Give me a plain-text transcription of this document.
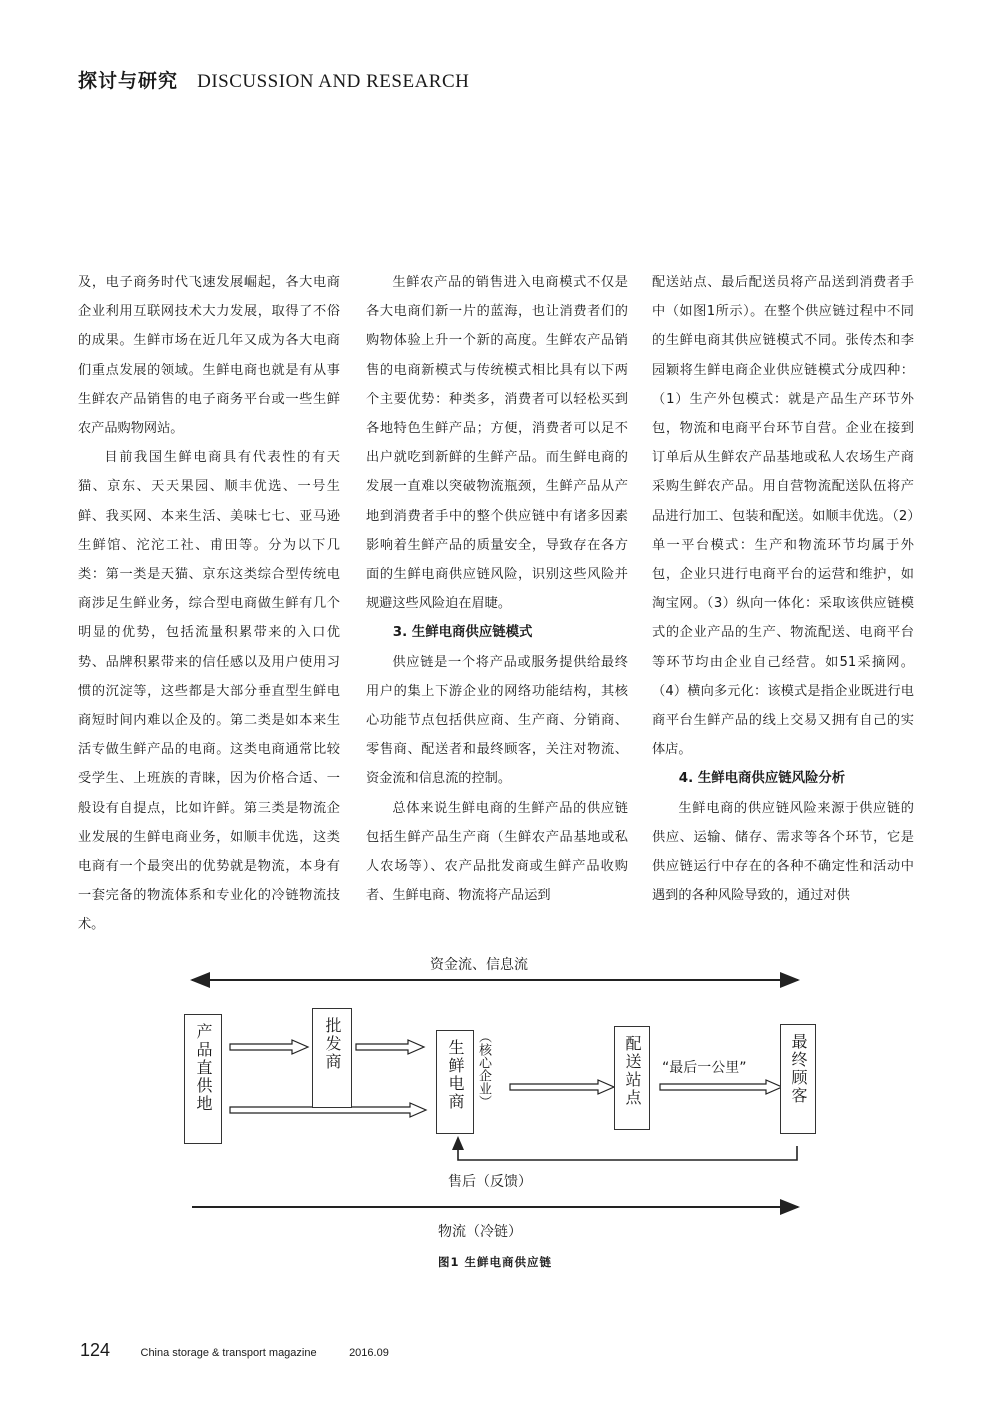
探讨与研究 DISCUSSION AND RESEARCH

及，电子商务时代飞速发展崛起，各大电商企业利用互联网技术大力发展，取得了不俗的成果。生鲜市场在近几年又成为各大电商们重点发展的领域。生鲜电商也就是有从事生鲜农产品销售的电子商务平台或一些生鲜农产品购物网站。

目前我国生鲜电商具有代表性的有天猫、京东、天天果园、顺丰优选、一号生鲜、我买网、本来生活、美味七七、亚马逊生鲜馆、沱沱工社、甫田等。分为以下几类：第一类是天猫、京东这类综合型传统电商涉足生鲜业务，综合型电商做生鲜有几个明显的优势，包括流量积累带来的入口优势、品牌积累带来的信任感以及用户使用习惯的沉淀等，这些都是大部分垂直型生鲜电商短时间内难以企及的。第二类是如本来生活专做生鲜产品的电商。这类电商通常比较受学生、上班族的青睐，因为价格合适、一般设有自提点，比如许鲜。第三类是物流企业发展的生鲜电商业务，如顺丰优选，这类电商有一个最突出的优势就是物流，本身有一套完备的物流体系和专业化的冷链物流技术。

生鲜农产品的销售进入电商模式不仅是各大电商们新一片的蓝海，也让消费者们的购物体验上升一个新的高度。生鲜农产品销售的电商新模式与传统模式相比具有以下两个主要优势：种类多，消费者可以轻松买到各地特色生鲜产品；方便，消费者可以足不出户就吃到新鲜的生鲜产品。而生鲜电商的发展一直难以突破物流瓶颈，生鲜产品从产地到消费者手中的整个供应链中有诸多因素影响着生鲜产品的质量安全，导致存在各方面的生鲜电商供应链风险，识别这些风险并规避这些风险迫在眉睫。

3. 生鲜电商供应链模式

供应链是一个将产品或服务提供给最终用户的集上下游企业的网络功能结构，其核心功能节点包括供应商、生产商、分销商、零售商、配送者和最终顾客，关注对物流、资金流和信息流的控制。

总体来说生鲜电商的生鲜产品的供应链包括生鲜产品生产商（生鲜农产品基地或私人农场等）、农产品批发商或生鲜产品收购者、生鲜电商、物流将产品运到

配送站点、最后配送员将产品送到消费者手中（如图1所示）。在整个供应链过程中不同的生鲜电商其供应链模式不同。张传杰和李园颖将生鲜电商企业供应链模式分成四种：（1）生产外包模式：就是产品生产环节外包，物流和电商平台环节自营。企业在接到订单后从生鲜农产品基地或私人农场生产商采购生鲜农产品。用自营物流配送队伍将产品进行加工、包装和配送。如顺丰优选。（2）单一平台模式：生产和物流环节均属于外包，企业只进行电商平台的运营和维护，如淘宝网。（3）纵向一体化：采取该供应链模式的企业产品的生产、物流配送、电商平台等环节均由企业自己经营。如51采摘网。（4）横向多元化：该模式是指企业既进行电商平台生鲜产品的线上交易又拥有自己的实体店。

4. 生鲜电商供应链风险分析

生鲜电商的供应链风险来源于供应链的供应、运输、储存、需求等各个环节，它是供应链运行中存在的各种不确定性和活动中遇到的各种风险导致的，通过对供

资金流、信息流
产品直供地	批发商	生鲜电商 （核心企业）	配送站点	最终顾客
“最后一公里”
售后（反馈）
物流（冷链）
图1 生鲜电商供应链
124	China storage & transport magazine	2016.09
